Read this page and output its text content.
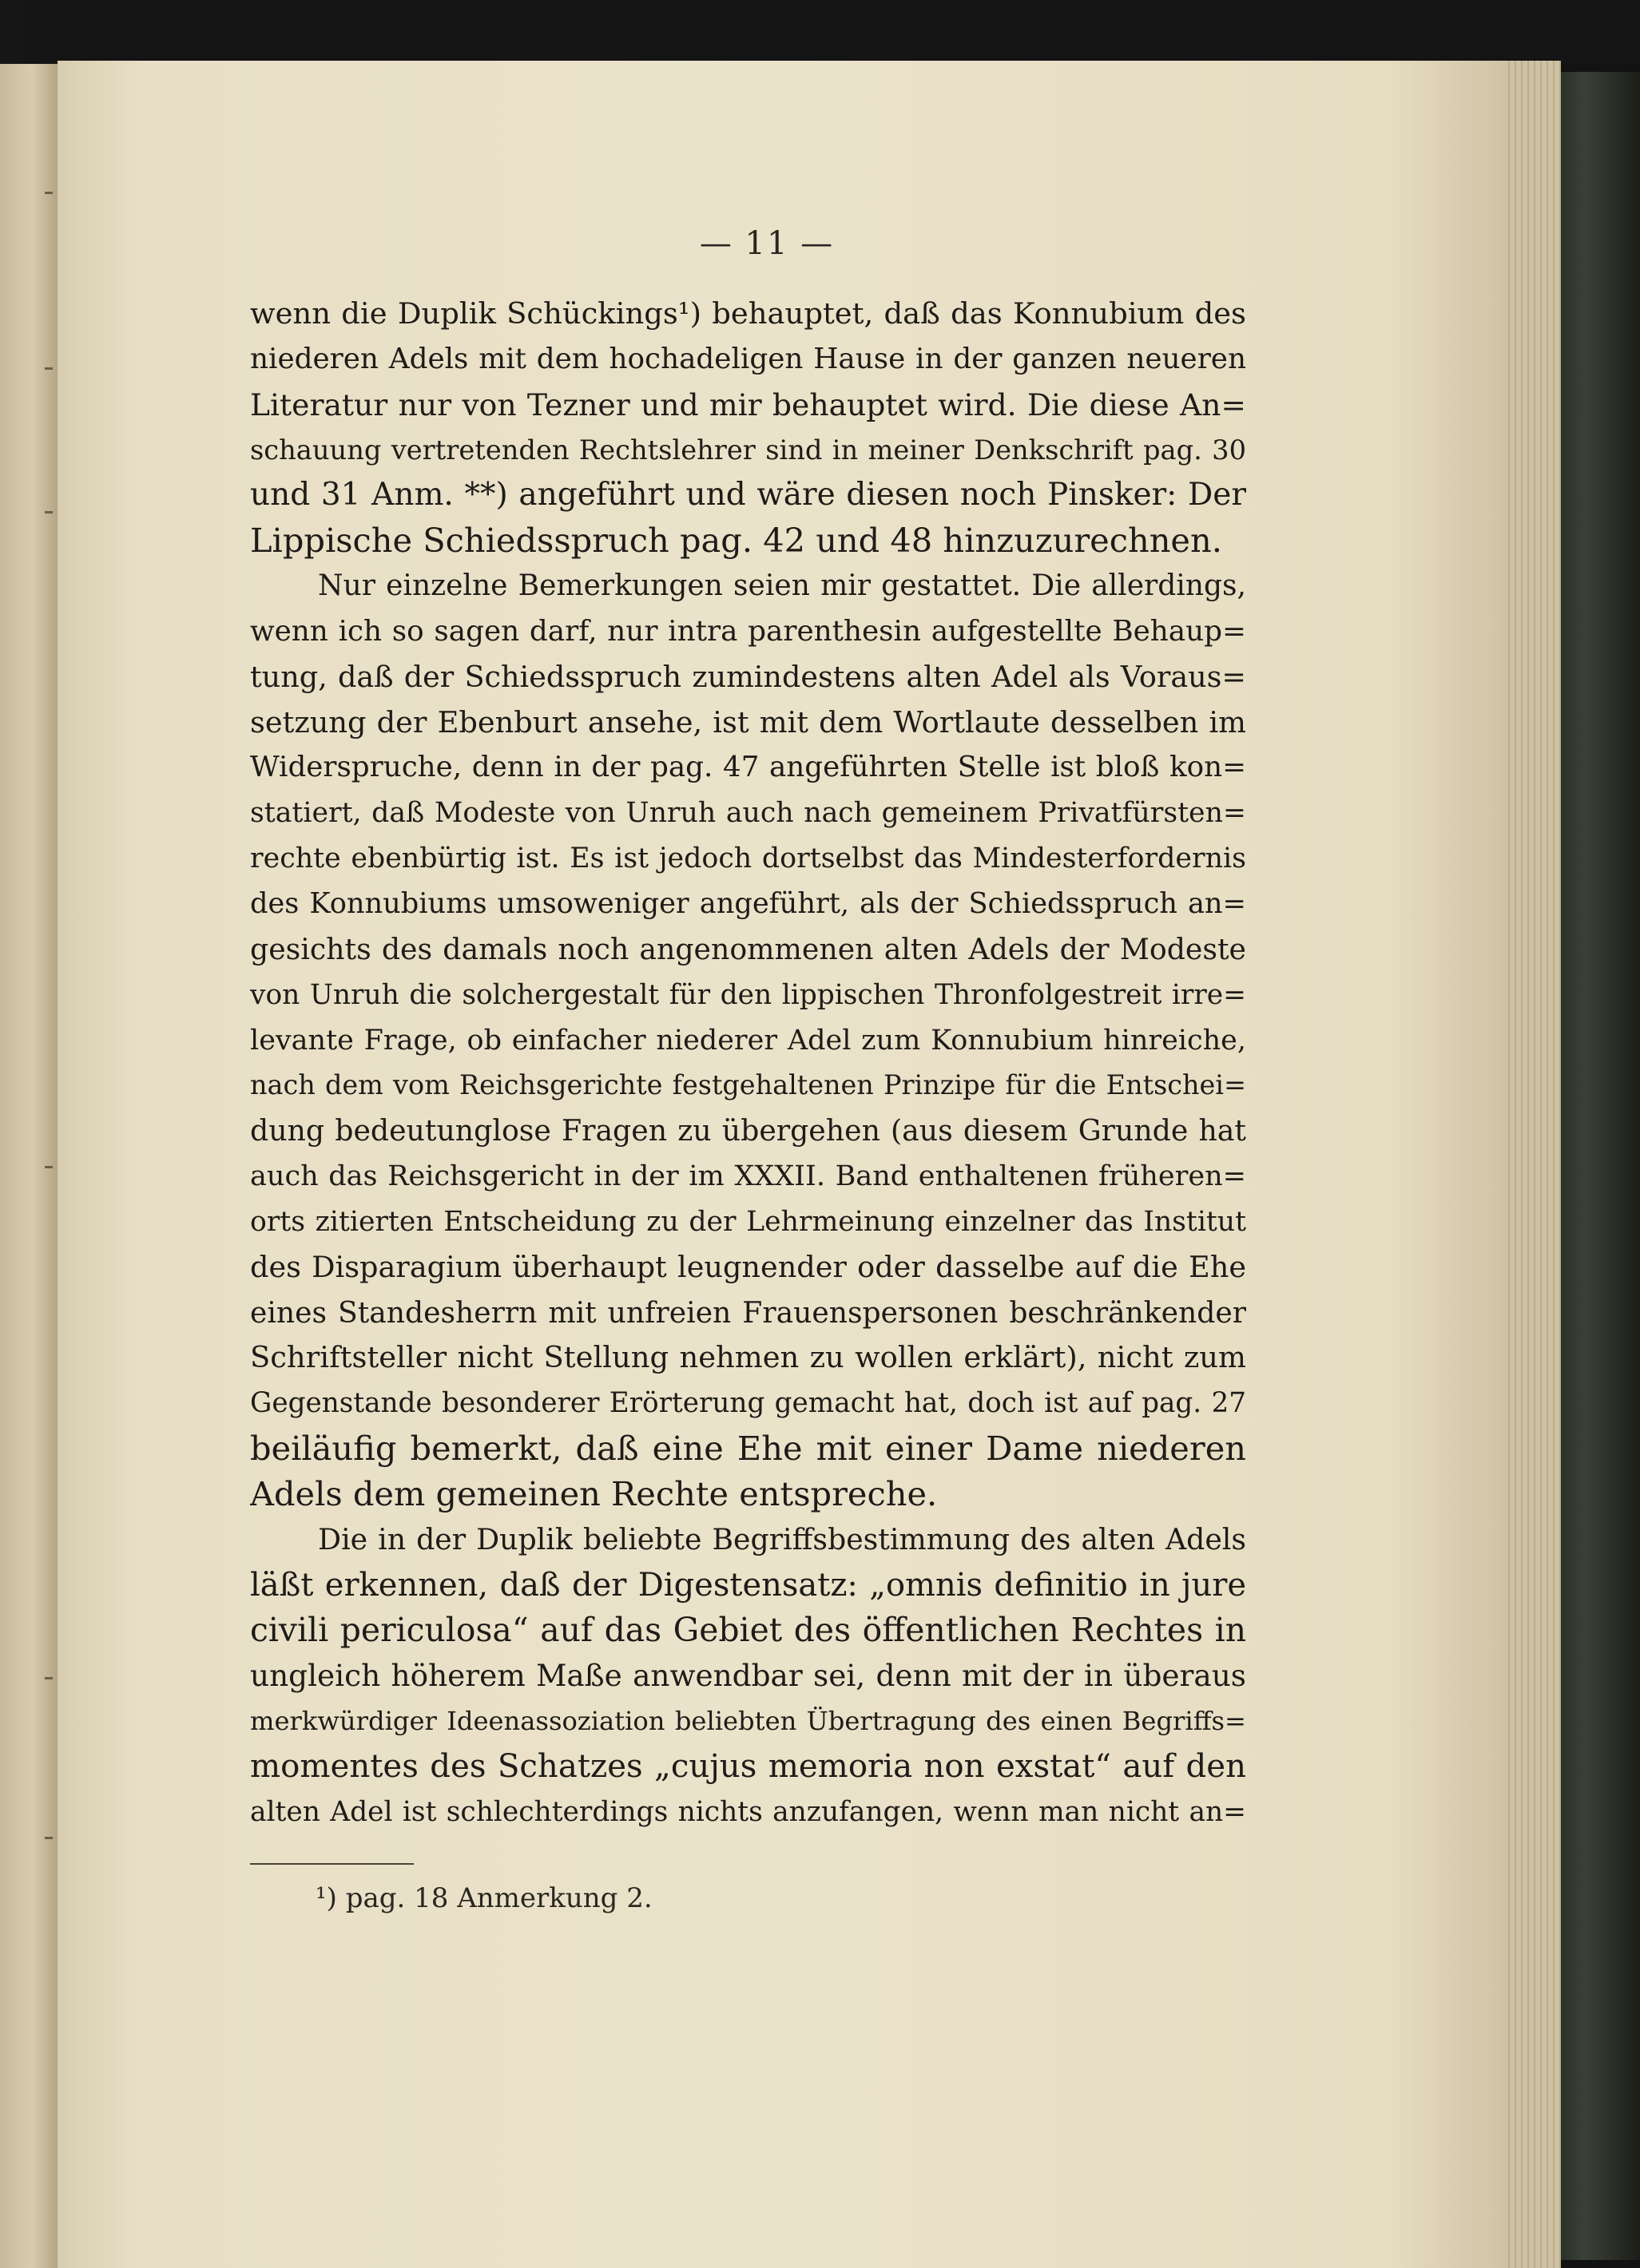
— 11 —
wenn die Duplik Schückings¹) behauptet, daß das Konnubium des
niederen Adels mit dem hochadeligen Hause in der ganzen neueren
Literatur nur von Tezner und mir behauptet wird. Die diese An=
schauung vertretenden Rechtslehrer sind in meiner Denkschrift pag. 30
und 31 Anm. **) angeführt und wäre diesen noch Pinsker: Der
Lippische Schiedsspruch pag. 42 und 48 hinzuzurechnen.
Nur einzelne Bemerkungen seien mir gestattet. Die allerdings,
wenn ich so sagen darf, nur intra parenthesin aufgestellte Behaup=
tung, daß der Schiedsspruch zumindestens alten Adel als Voraus=
setzung der Ebenburt ansehe, ist mit dem Wortlaute desselben im
Widerspruche, denn in der pag. 47 angeführten Stelle ist bloß kon=
statiert, daß Modeste von Unruh auch nach gemeinem Privatfürsten=
rechte ebenbürtig ist. Es ist jedoch dortselbst das Mindesterfordernis
des Konnubiums umsoweniger angeführt, als der Schiedsspruch an=
gesichts des damals noch angenommenen alten Adels der Modeste
von Unruh die solchergestalt für den lippischen Thronfolgestreit irre=
levante Frage, ob einfacher niederer Adel zum Konnubium hinreiche,
nach dem vom Reichsgerichte festgehaltenen Prinzipe für die Entschei=
dung bedeutunglose Fragen zu übergehen (aus diesem Grunde hat
auch das Reichsgericht in der im XXXII. Band enthaltenen früheren=
orts zitierten Entscheidung zu der Lehrmeinung einzelner das Institut
des Disparagium überhaupt leugnender oder dasselbe auf die Ehe
eines Standesherrn mit unfreien Frauenspersonen beschränkender
Schriftsteller nicht Stellung nehmen zu wollen erklärt), nicht zum
Gegenstande besonderer Erörterung gemacht hat, doch ist auf pag. 27
beiläufig bemerkt, daß eine Ehe mit einer Dame niederen
Adels dem gemeinen Rechte entspreche.
Die in der Duplik beliebte Begriffsbestimmung des alten Adels
läßt erkennen, daß der Digestensatz: „omnis definitio in jure
civili periculosa“ auf das Gebiet des öffentlichen Rechtes in
ungleich höherem Maße anwendbar sei, denn mit der in überaus
merkwürdiger Ideenassoziation beliebten Übertragung des einen Begriffs=
momentes des Schatzes „cujus memoria non exstat“ auf den
alten Adel ist schlechterdings nichts anzufangen, wenn man nicht an=
¹) pag. 18 Anmerkung 2.
